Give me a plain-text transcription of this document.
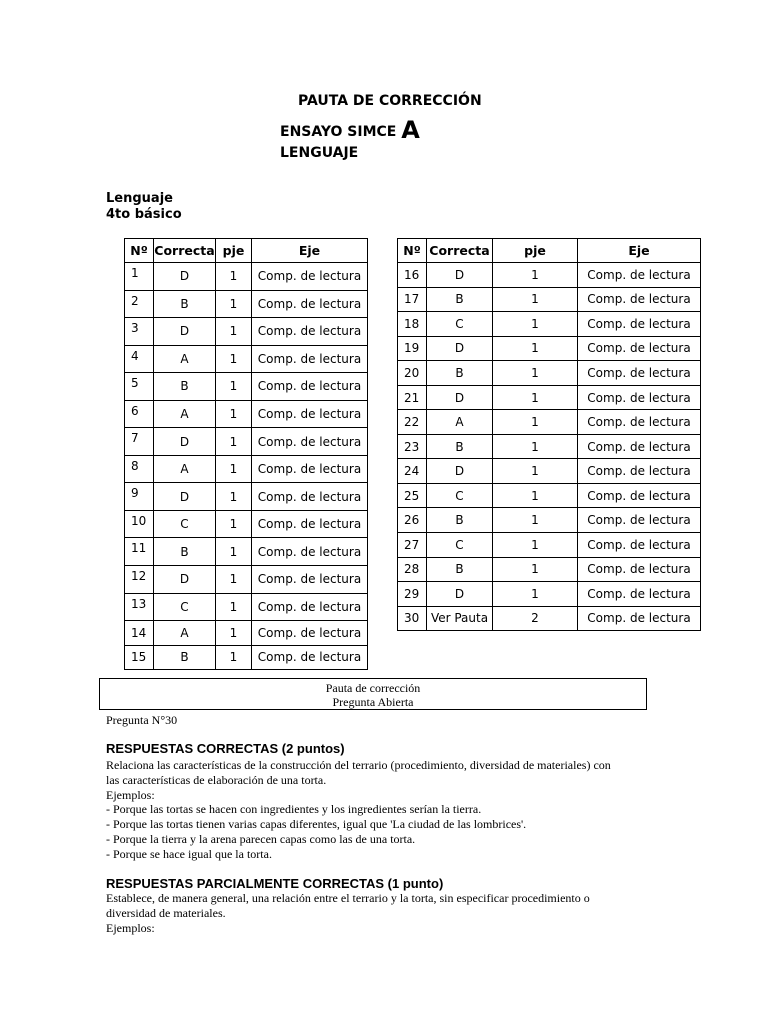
PAUTA DE CORRECCIÓN
ENSAYO SIMCE A
LENGUAJE
Lenguaje
4to básico
Nº	Correcta	pje	Eje
1	D	1	Comp. de lectura
2	B	1	Comp. de lectura
3	D	1	Comp. de lectura
4	A	1	Comp. de lectura
5	B	1	Comp. de lectura
6	A	1	Comp. de lectura
7	D	1	Comp. de lectura
8	A	1	Comp. de lectura
9	D	1	Comp. de lectura
10	C	1	Comp. de lectura
11	B	1	Comp. de lectura
12	D	1	Comp. de lectura
13	C	1	Comp. de lectura
14	A	1	Comp. de lectura
15	B	1	Comp. de lectura
Nº	Correcta	pje	Eje
16	D	1	Comp. de lectura
17	B	1	Comp. de lectura
18	C	1	Comp. de lectura
19	D	1	Comp. de lectura
20	B	1	Comp. de lectura
21	D	1	Comp. de lectura
22	A	1	Comp. de lectura
23	B	1	Comp. de lectura
24	D	1	Comp. de lectura
25	C	1	Comp. de lectura
26	B	1	Comp. de lectura
27	C	1	Comp. de lectura
28	B	1	Comp. de lectura
29	D	1	Comp. de lectura
30	Ver Pauta	2	Comp. de lectura
Pauta de corrección
Pregunta Abierta
Pregunta N°30
RESPUESTAS CORRECTAS (2 puntos)
Relaciona las características de la construcción del terrario (procedimiento, diversidad de materiales) con
las características de elaboración de una torta.
Ejemplos:
- Porque las tortas se hacen con ingredientes y los ingredientes serían la tierra.
- Porque las tortas tienen varias capas diferentes, igual que 'La ciudad de las lombrices'.
- Porque la tierra y la arena parecen capas como las de una torta.
- Porque se hace igual que la torta.
RESPUESTAS PARCIALMENTE CORRECTAS (1 punto)
Establece, de manera general, una relación entre el terrario y la torta, sin especificar procedimiento o
diversidad de materiales.
Ejemplos:
